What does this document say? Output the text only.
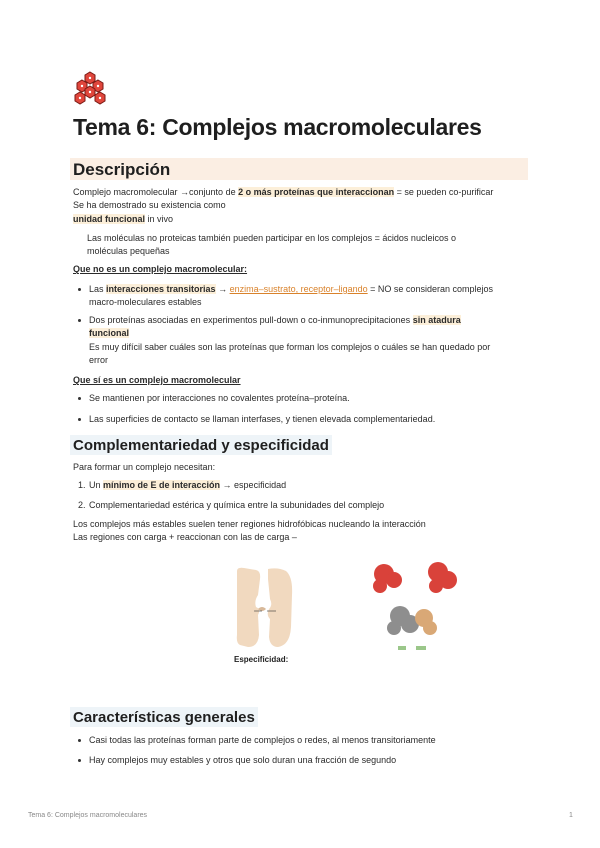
Tema 6: Complejos macromoleculares
Descripción
Complejo macromolecular →conjunto de 2 o más proteínas que interaccionan = se pueden co-purificar
Se ha demostrado su existencia como
unidad funcional in vivo
Las moléculas no proteicas también pueden participar en los complejos = ácidos nucleicos o
moléculas pequeñas
Que no es un complejo macromolecular:
Las interacciones transitorias → enzima–sustrato, receptor–ligando = NO se consideran complejos
macro-moleculares estables
Dos proteínas asociadas en experimentos pull-down o co-inmunoprecipitaciones sin atadura
funcional
Es muy difícil saber cuáles son las proteínas que forman los complejos o cuáles se han quedado por
error
Que sí es un complejo macromolecular
Se mantienen por interacciones no covalentes proteína–proteína.
Las superficies de contacto se llaman interfases, y tienen elevada complementariedad.
Complementariedad y especificidad
Para formar un complejo necesitan:
1. Un mínimo de E de interacción → especificidad
2. Complementariedad estérica y química entre la subunidades del complejo
Los complejos más estables suelen tener regiones hidrofóbicas nucleando la interacción
Las regiones con carga + reaccionan con las de carga –
Especificidad:
Características generales
Casi todas las proteínas forman parte de complejos o redes, al menos transitoriamente
Hay complejos muy estables y otros que solo duran una fracción de segundo
Tema 6: Complejos macromoleculares	1
